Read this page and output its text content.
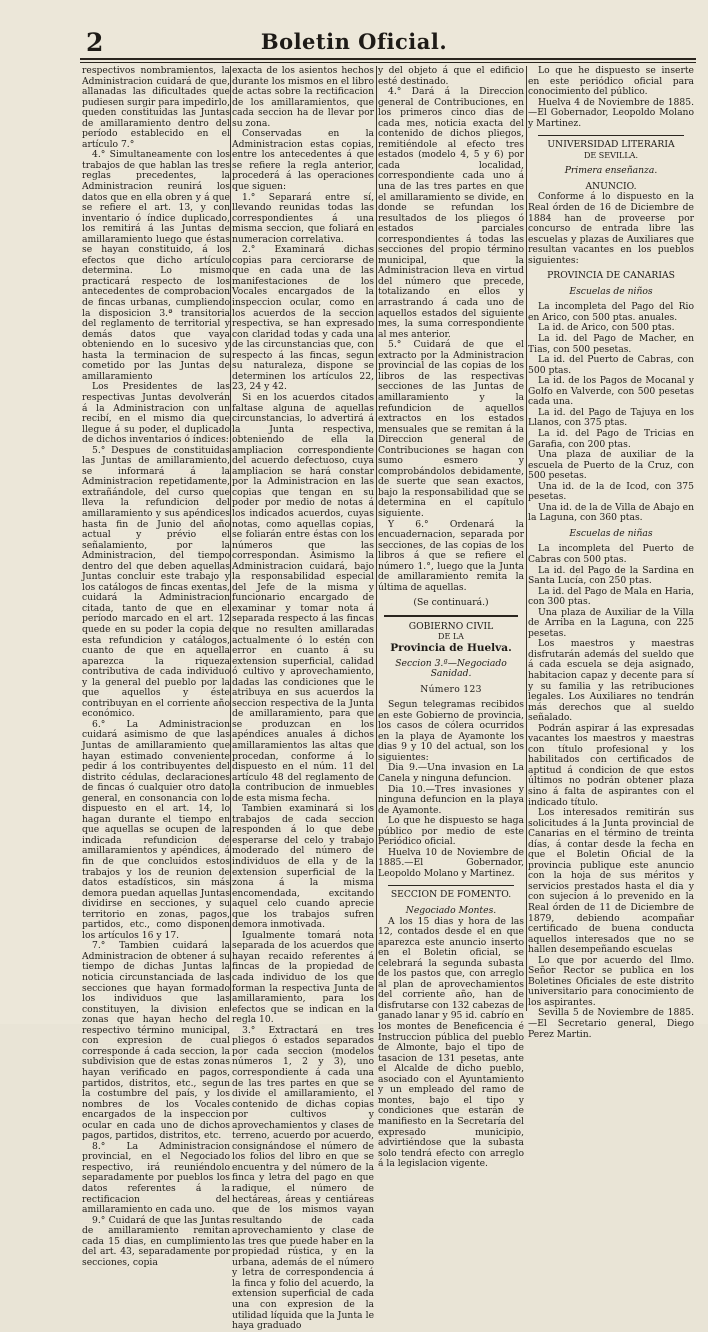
2	Boletin Oficial.

respectivos nombramientos, la Administracion cuidará de que, allanadas las dificultades que pudiesen surgir para impedirlo, queden constituidas las Juntas de amillaramiento dentro del período establecido en el artículo 7.°

4.° Simultaneamente con los trabajos de que hablan las tres reglas precedentes, la Administracion reunirá los datos que en ella obren y á que se refiere el art. 13, y con inventario ó índice duplicado, los remitirá á las Juntas de amillaramiento luego que éstas se hayan constituido, á los efectos que dicho artículo determina. Lo mismo practicará respecto de los antecedentes de comprobacion de fincas urbanas, cumpliendo la disposicion 3.ª transitoria del reglamento de territorial y demás datos que vaya obteniendo en lo sucesivo y hasta la terminacion de su cometido por las Juntas de amillaramiento

Los Presidentes de las respectivas Juntas devolverán á la Administracion con un recibí, en el mismo dia que llegue á su poder, el duplicado de dichos inventarios ó índices:

5.° Despues de constituidas las Juntas de amillaramiento, se informará á la Administracion repetidamente, extrañándole, del curso que lleva la refundicion del amillaramiento y sus apéndices hasta fin de Junio del año actual y prévio el señalamiento, por la Administracion, del tiempo dentro del que deben aquellas Juntas concluir este trabajo y los catálogos de fincas exentas, cuidará la Administracion citada, tanto de que en el período marcado en el art. 12 quede en su poder la copia de esta refundicion y catálogos, cuanto de que en aquella aparezca la riqueza contributiva de cada individuo y la general del pueblo por la que aquellos y éste contribuyan en el corriente año económico.

6.° La Administracion cuidará asimismo de que las Juntas de amillaramiento que hayan estimado conveniente pedir á los contribuyentes del distrito cédulas, declaraciones de fincas ó cualquier otro dato general, en consonancia con lo dispuesto en el art. 14, lo hagan durante el tiempo en que aquellas se ocupen de la indicada refundicion de amillaramientos y apéndices, á fin de que concluidos estos trabajos y los de reunion de datos estadísticos, sin más demora puedan aquellas Juntas dividirse en secciones, y su territorio en zonas, pagos, partidos, etc., como disponen los artículos 16 y 17.

7.° Tambien cuidará la Administracion de obtener á su tiempo de dichas Juntas la noticia circunstanciada de las secciones que hayan formado los individuos que las constituyen, la division en zonas que hayan hecho del respectivo término municipal, con expresion de cual corresponde á cada seccion, la subdivision que de estas zonas hayan verificado en pagos, partidos, distritos, etc., segun la costumbre del país, y los nombres de los Vocales encargados de la inspeccion ocular en cada uno de dichos pagos, partidos, distritos, etc.

8.° La Administracion provincial, en el Negociado respectivo, irá reuniéndolo separadamente por pueblos los datos referentes á la rectificacion del amillaramiento en cada uno.

9.° Cuidará de que las Juntas de amillaramiento remitan cada 15 dias, en cumplimiento del art. 43, separadamente por secciones, copia

exacta de los asientos hechos durante los mismos en el libro de actas sobre la rectificacion de los amillaramientos, que cada seccion ha de llevar por su zona.

Conservadas en la Administracion estas copias, entre los antecedentes á que se refiere la regla anterior, procederá á las operaciones que siguen:

1.° Separará entre sí, llevando reunidas todas las correspondientes á una misma seccion, que foliará en numeracion correlativa.

2.° Examinará dichas copias para cerciorarse de que en cada una de las manifestaciones de los Vocales encargados de la inspeccion ocular, como en los acuerdos de la seccion respectiva, se han expresado con claridad todas y cada una de las circunstancias que, con respecto á las fincas, segun su naturaleza, dispone se determinen los artículos 22, 23, 24 y 42.

Si en los acuerdos citados faltase alguna de aquellas circunstancias, lo advertirá á la Junta respectiva, obteniendo de ella la ampliacion correspondiente del acuerdo defectuoso, cuya ampliacion se hará constar por la Administracion en las copias que tengan en su poder por medio de notas á los indicados acuerdos, cuyas notas, como aquellas copias, se foliarán entre éstas con los números que las correspondan. Asimismo la Administracion cuidará, bajo la responsabilidad especial del Jefe de la misma y funcionario encargado de examinar y tomar nota á separada respecto á las fincas que no resulten amillaradas actualmente ó lo estén con error en cuanto á su extension superficial, calidad ó cultivo y aprovechamiento, dadas las condiciones que le atribuya en sus acuerdos la seccion respectiva de la Junta de amillaramiento, para que se produzcan en los apéndices anuales á dichos amillaramientos las altas que procedan, conforme á lo dispuesto en el núm. 11 del artículo 48 del reglamento de la contribucion de inmuebles de esta misma fecha.

Tambien examinará si los trabajos de cada seccion responden á lo que debe esperarse del celo y trabajo moderado del número de individuos de ella y de la extension superficial de la zona á la misma encomendada, excitando aquel celo cuando aprecie que los trabajos sufren demora inmotivada.

Igualmente tomará nota separada de los acuerdos que hayan recaido referentes á fincas de la propiedad de cada individuo de los que forman la respectiva Junta de amillaramiento, para los efectos que se indican en la regla 10.

3.° Extractará en tres pliegos ó estados separados por cada seccion (modelos números 1, 2 y 3), uno correspondiente á cada una de las tres partes en que se divide el amillaramiento, el contenido de dichas copias por cultivos y aprovechamientos y clases de terreno, acuerdo por acuerdo, consignándose el número de los folios del libro en que se encuentra y del número de la finca y letra del pago en que radique, el número de hectáreas, áreas y centiáreas que de los mismos vayan resultando de cada aprovechamiento y clase de las tres que puede haber en la propiedad rústica, y en la urbana, además de el número y letra de correspondencia á la finca y folio del acuerdo, la extension superficial de cada una con expresion de la utilidad líquida que la Junta le haya graduado

y del objeto á que el edificio esté destinado.

4.° Dará á la Direccion general de Contribuciones, en los primeros cinco dias de cada mes, noticia exacta del contenido de dichos pliegos, remitiéndole al efecto tres estados (modelo 4, 5 y 6) por cada localidad, correspondiente cada uno á una de las tres partes en que el amillaramiento se divide, en donde se refundan los resultados de los pliegos ó estados parciales correspondientes á todas las secciones del propio término municipal, que la Administracion lleva en virtud del número que precede, totalizando en ellos y arrastrando á cada uno de aquellos estados del siguiente mes, la suma correspondiente al mes anterior.

5.° Cuidará de que el extracto por la Administracion provincial de las copias de los libros de las respectivas secciones de las Juntas de amillaramiento y la refundicion de aquellos extractos en los estados mensuales que se remitan á la Direccion general de Contribuciones se hagan con sumo esmero y comprobándolos debidamente, de suerte que sean exactos, bajo la responsabilidad que se determina en el capítulo siguiente.

Y 6.° Ordenará la encuadernacion, separada por secciones, de las copias de los libros á que se refiere el número 1.°, luego que la Junta de amillaramiento remita la última de aquellas.

(Se continuará.)

GOBIERNO CIVIL

DE LA

Provincia de Huelva.

Seccion 3.ª—Negociado Sanidad.

Número 123

Segun telegramas recibidos en este Gobierno de provincia, los casos de cólera ocurridos en la playa de Ayamonte los dias 9 y 10 del actual, son los siguientes:

Dia 9.—Una invasion en La Canela y ninguna defuncion.

Dia 10.—Tres invasiones y ninguna defuncion en la playa de Ayamonte.

Lo que he dispuesto se haga público por medio de este Periódico oficial.

Huelva 10 de Noviembre de 1885.—El Gobernador, Leopoldo Molano y Martinez.

SECCION DE FOMENTO.

Negociado Montes.

A los 15 dias y hora de las 12, contados desde el en que aparezca este anuncio inserto en el Boletin oficial, se celebrará la segunda subasta de los pastos que, con arreglo al plan de aprovechamientos del corriente año, han de disfrutarse con 132 cabezas de ganado lanar y 95 id. cabrío en los montes de Beneficencia é Instruccion pública del pueblo de Almonte, bajo el tipo de tasacion de 131 pesetas, ante el Alcalde de dicho pueblo, asociado con el Ayuntamiento y un empleado del ramo de montes, bajo el tipo y condiciones que estarán de manifiesto en la Secretaría del expresado municipio, advirtiéndose que la subasta solo tendrá efecto con arreglo á la legislacion vigente.

Lo que he dispuesto se inserte en este periódico oficial para conocimiento del público.

Huelva 4 de Noviembre de 1885.—El Gobernador, Leopoldo Molano y Martinez.

UNIVERSIDAD LITERARIA

DE SEVILLA.

Primera enseñanza.

ANUNCIO.

Conforme á lo dispuesto en la Real órden de 16 de Diciembre de 1884 han de proveerse por concurso de entrada libre las escuelas y plazas de Auxiliares que resultan vacantes en los pueblos siguientes:

PROVINCIA DE CANARIAS

Escuelas de niños

La incompleta del Pago del Rio en Arico, con 500 ptas. anuales.

La id. de Arico, con 500 ptas.

La id. del Pago de Macher, en Tias, con 500 pesetas.

La id. del Puerto de Cabras, con 500 ptas.

La id. de los Pagos de Mocanal y Golfo en Valverde, con 500 pesetas cada una.

La id. del Pago de Tajuya en los Llanos, con 375 ptas.

La id. del Pago de Tricias en Garafia, con 200 ptas.

Una plaza de auxiliar de la escuela de Puerto de la Cruz, con 500 pesetas.

Una id. de la de Icod, con 375 pesetas.

Una id. de la de Villa de Abajo en la Laguna, con 360 ptas.

Escuelas de niñas

La incompleta del Puerto de Cabras con 500 ptas.

La id. del Pago de la Sardina en Santa Lucía, con 250 ptas.

La id. del Pago de Mala en Haria, con 300 ptas.

Una plaza de Auxiliar de la Villa de Arriba en la Laguna, con 225 pesetas.

Los maestros y maestras disfrutarán además del sueldo que á cada escuela se deja asignado, habitacion capaz y decente para sí y su familia y las retribuciones legales. Los Auxiliares no tendrán más derechos que al sueldo señalado.

Podrán aspirar á las expresadas vacantes los maestros y maestras con título profesional y los habilitados con certificados de aptitud á condicion de que estos últimos no podrán obtener plaza sino á falta de aspirantes con el indicado título.

Los interesados remitirán sus solicitudes á la Junta provincial de Canarias en el término de treinta días, á contar desde la fecha en que el Boletin Oficial de la provincia publique este anuncio con la hoja de sus méritos y servicios prestados hasta el dia y con sujecion á lo prevenido en la Real órden de 11 de Diciembre de 1879, debiendo acompañar certificado de buena conducta aquellos interesados que no se hallen desempeñando escuelas

Lo que por acuerdo del Ilmo. Señor Rector se publica en los Boletines Oficiales de este distrito universitario para conocimiento de los aspirantes.

Sevilla 5 de Noviembre de 1885.—El Secretario general, Diego Perez Martin.
